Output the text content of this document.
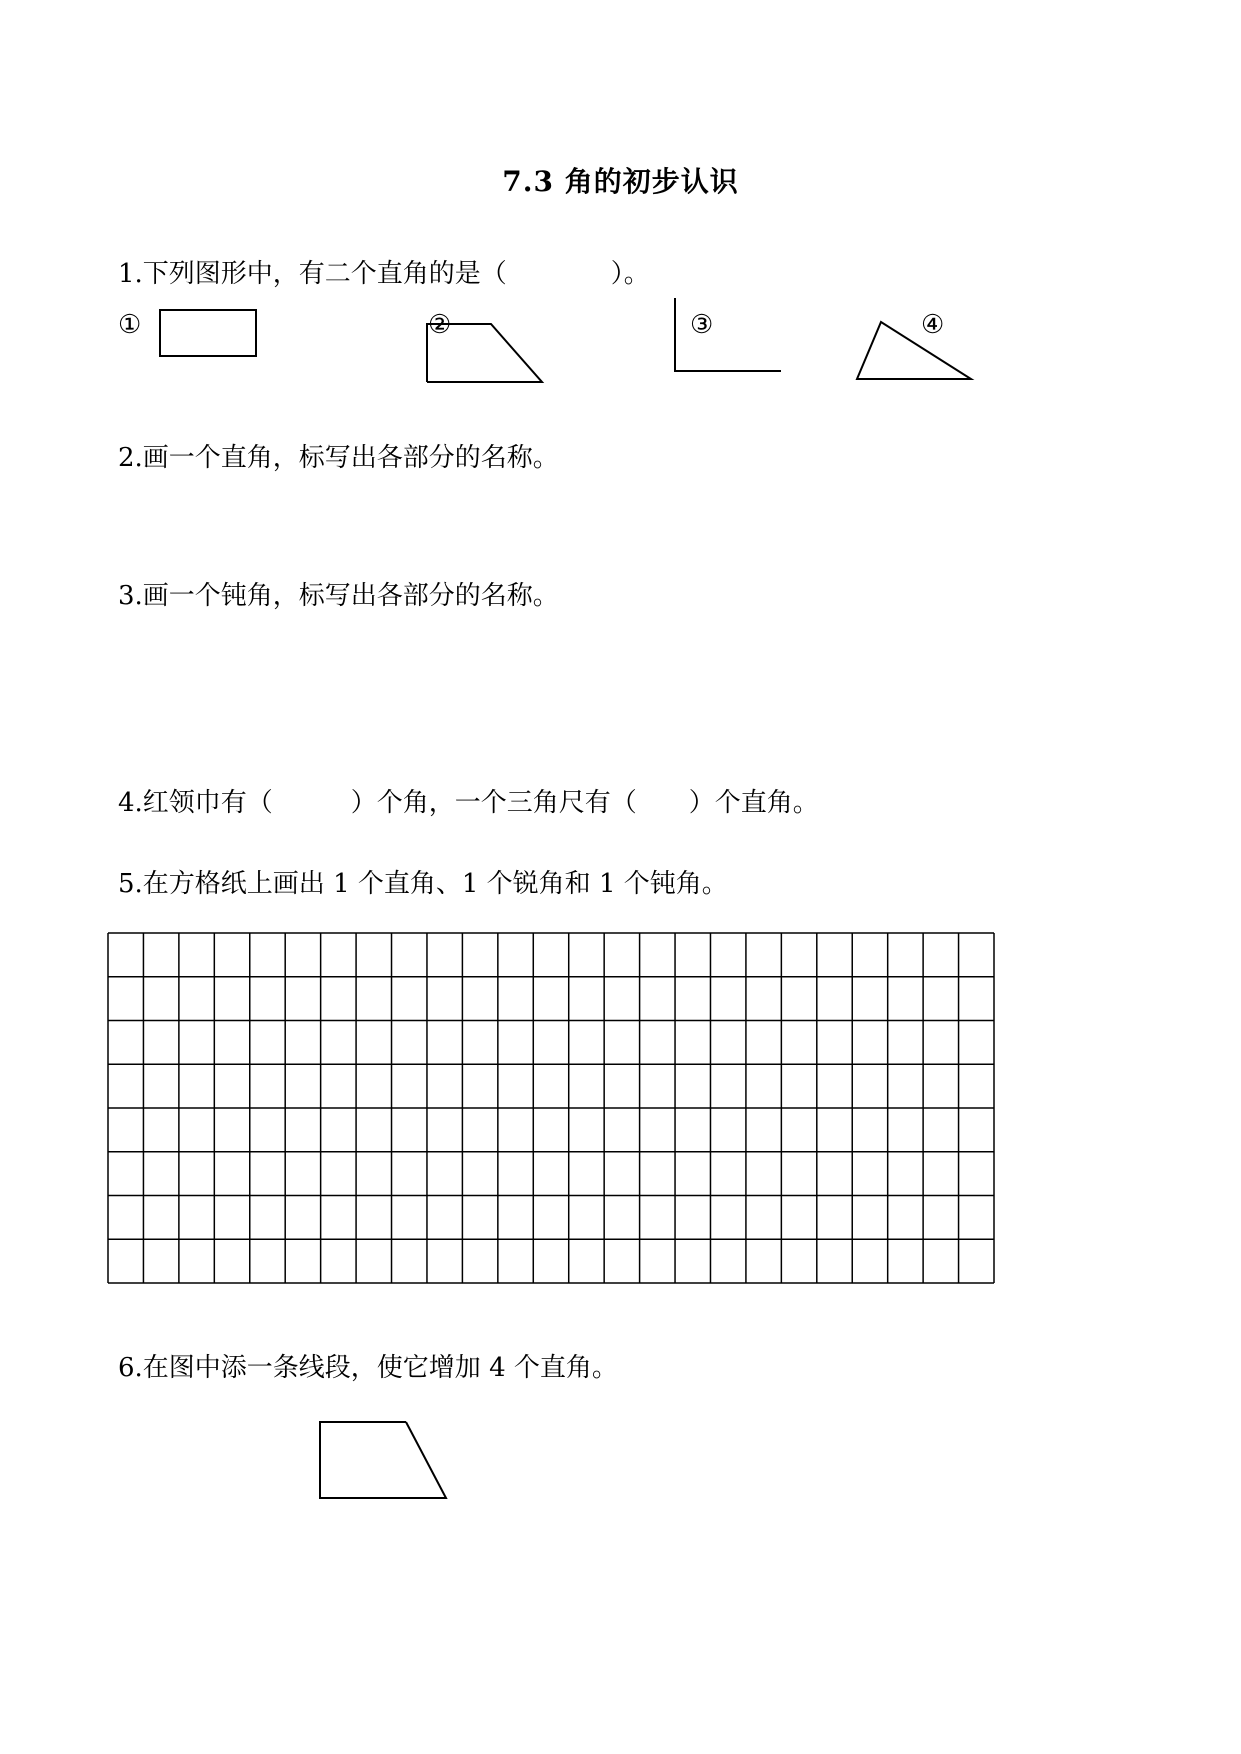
7.3 角的初步认识
1.下列图形中，有二个直角的是（　　　　）。
①	②	③	④
2.画一个直角，标写出各部分的名称。
3.画一个钝角，标写出各部分的名称。
4.红领巾有（　　　）个角，一个三角尺有（　　）个直角。
5.在方格纸上画出 1 个直角、1 个锐角和 1 个钝角。
6.在图中添一条线段，使它增加 4 个直角。
